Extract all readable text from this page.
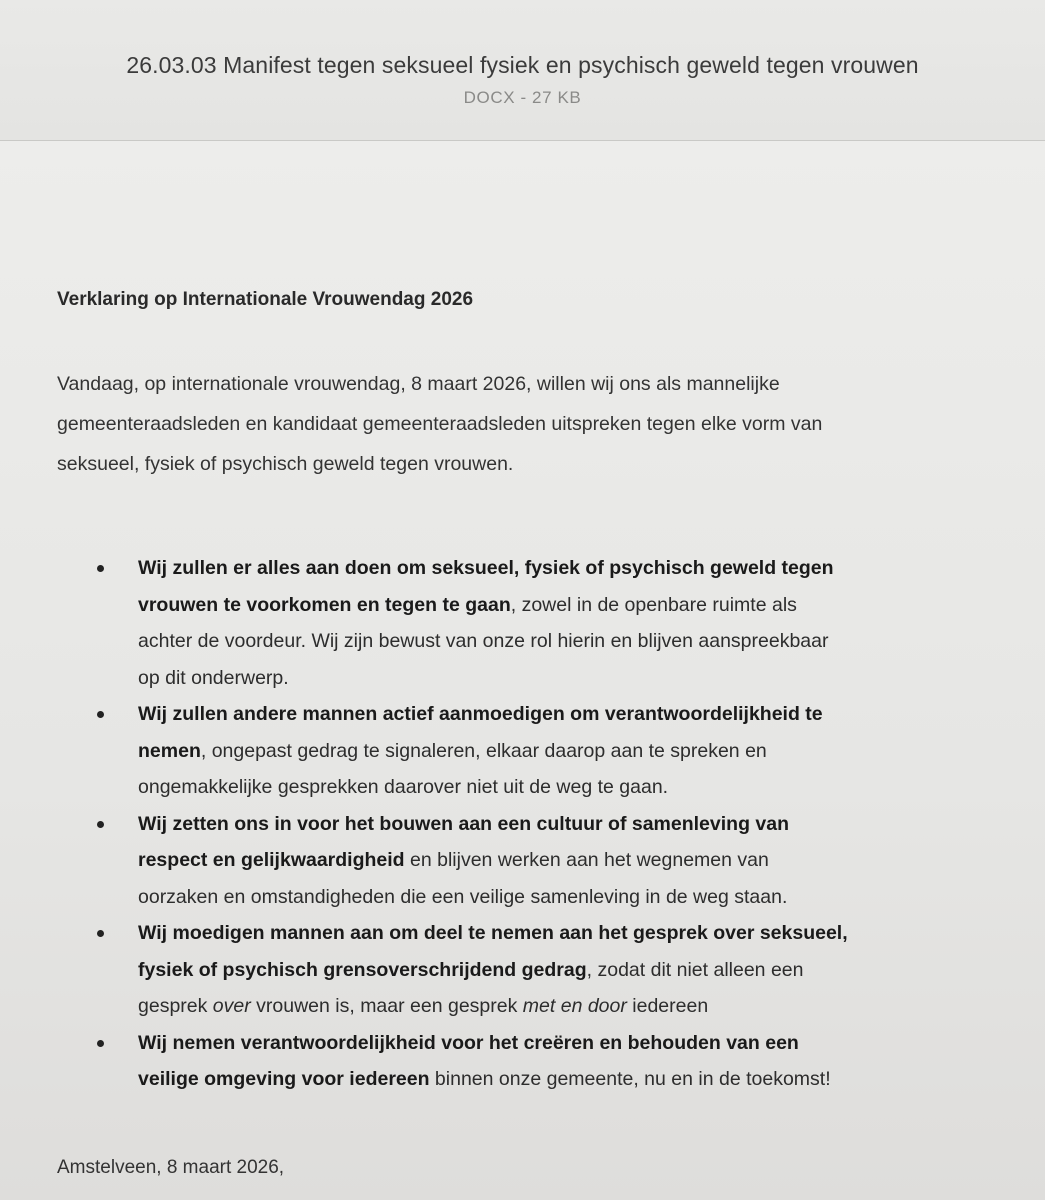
26.03.03 Manifest tegen seksueel fysiek en psychisch geweld tegen vrouwen
DOCX - 27 KB
Verklaring op Internationale Vrouwendag 2026
Vandaag, op internationale vrouwendag, 8 maart 2026, willen wij ons als mannelijke
gemeenteraadsleden en kandidaat gemeenteraadsleden uitspreken tegen elke vorm van
seksueel, fysiek of psychisch geweld tegen vrouwen.
Wij zullen er alles aan doen om seksueel, fysiek of psychisch geweld tegen
vrouwen te voorkomen en tegen te gaan, zowel in de openbare ruimte als
achter de voordeur. Wij zijn bewust van onze rol hierin en blijven aanspreekbaar
op dit onderwerp.
Wij zullen andere mannen actief aanmoedigen om verantwoordelijkheid te
nemen, ongepast gedrag te signaleren, elkaar daarop aan te spreken en
ongemakkelijke gesprekken daarover niet uit de weg te gaan.
Wij zetten ons in voor het bouwen aan een cultuur of samenleving van
respect en gelijkwaardigheid en blijven werken aan het wegnemen van
oorzaken en omstandigheden die een veilige samenleving in de weg staan.
Wij moedigen mannen aan om deel te nemen aan het gesprek over seksueel,
fysiek of psychisch grensoverschrijdend gedrag, zodat dit niet alleen een
gesprek over vrouwen is, maar een gesprek met en door iedereen
Wij nemen verantwoordelijkheid voor het creëren en behouden van een
veilige omgeving voor iedereen binnen onze gemeente, nu en in de toekomst!
Amstelveen, 8 maart 2026,
